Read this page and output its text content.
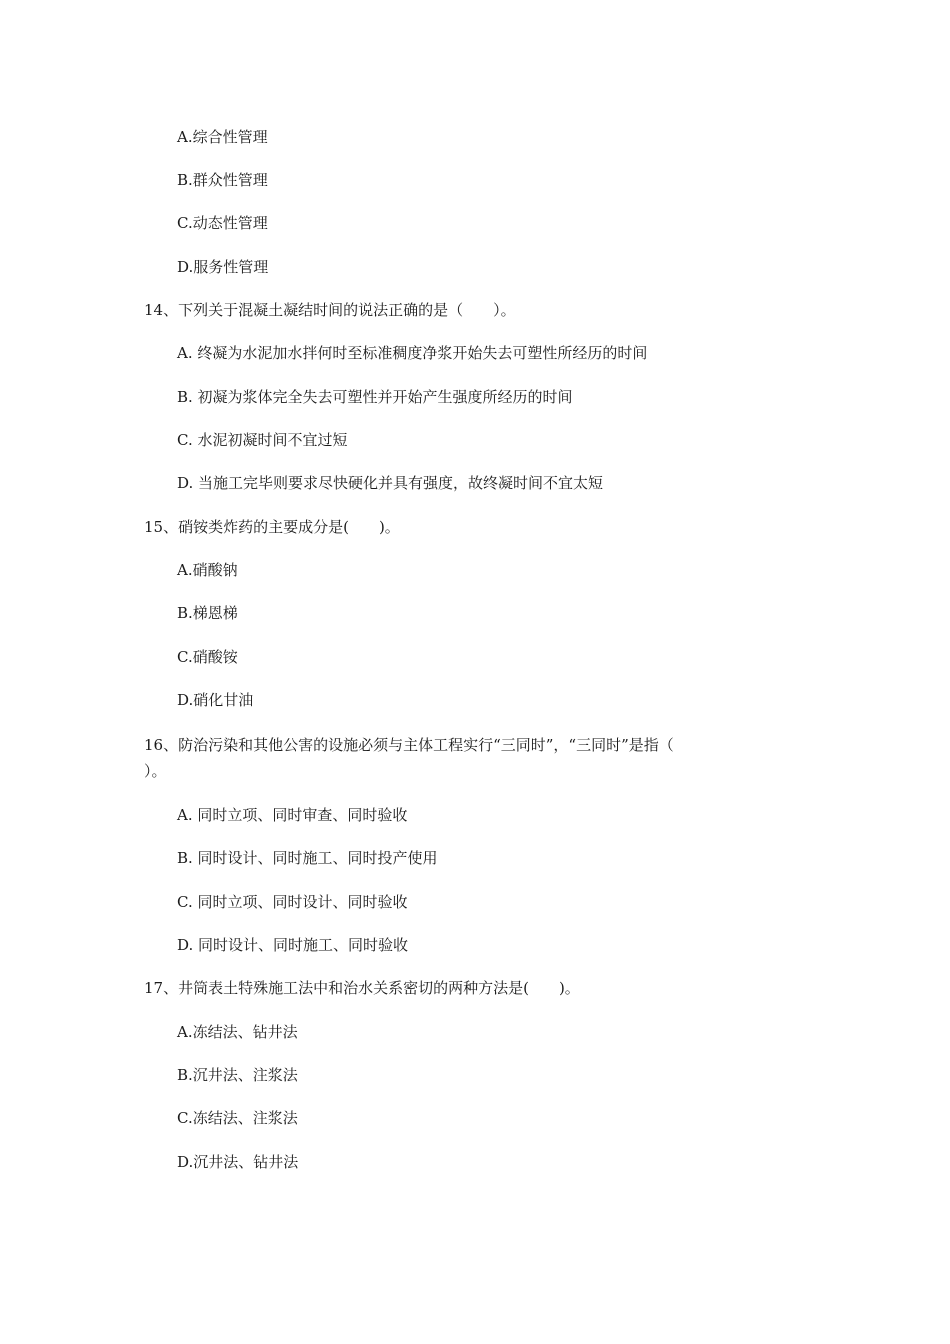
A.综合性管理
B.群众性管理
C.动态性管理
D.服务性管理
14、下列关于混凝土凝结时间的说法正确的是（　　）。
A. 终凝为水泥加水拌何时至标准稠度净浆开始失去可塑性所经历的时间
B. 初凝为浆体完全失去可塑性并开始产生强度所经历的时间
C. 水泥初凝时间不宜过短
D. 当施工完毕则要求尽快硬化并具有强度，故终凝时间不宜太短
15、硝铵类炸药的主要成分是(　　)。
A.硝酸钠
B.梯恩梯
C.硝酸铵
D.硝化甘油
16、防治污染和其他公害的设施必须与主体工程实行“三同时”，“三同时”是指（
）。
A. 同时立项、同时审查、同时验收
B. 同时设计、同时施工、同时投产使用
C. 同时立项、同时设计、同时验收
D. 同时设计、同时施工、同时验收
17、井筒表土特殊施工法中和治水关系密切的两种方法是(　　)。
A.冻结法、钻井法
B.沉井法、注浆法
C.冻结法、注浆法
D.沉井法、钻井法
